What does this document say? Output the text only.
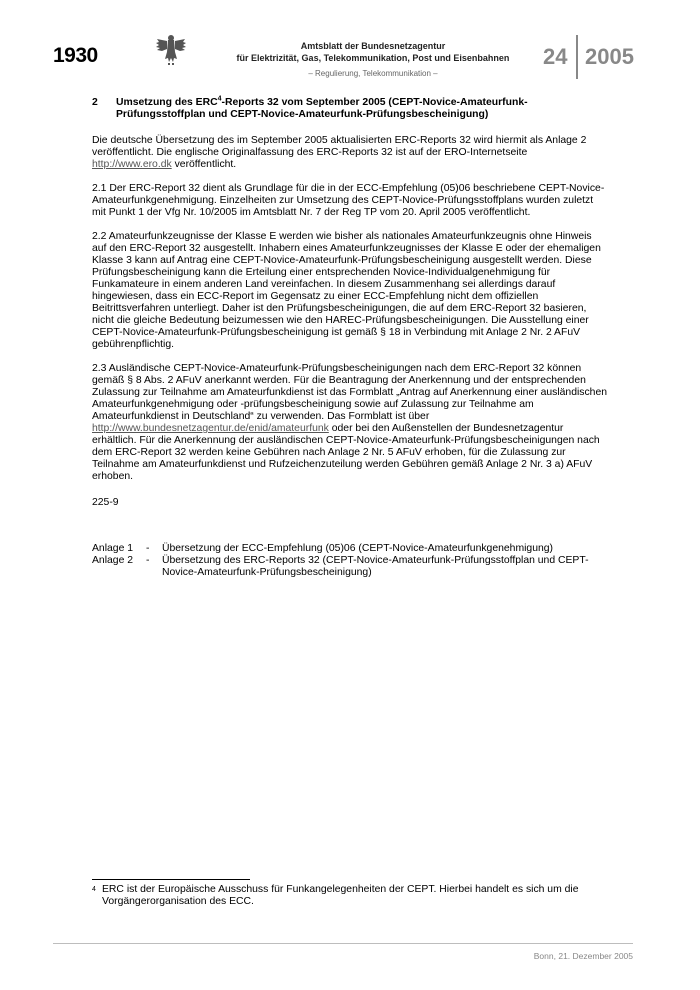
1930	Amtsblatt der Bundesnetzagentur
für Elektrizität, Gas, Telekommunikation, Post und Eisenbahnen
– Regulierung, Telekommunikation –
24 2005
2	Umsetzung des ERC$^4$-Reports 32 vom September 2005 (CEPT-Novice-Amateurfunk-Prüfungsstoffplan und CEPT-Novice-Amateurfunk-Prüfungsbescheinigung)

Die deutsche Übersetzung des im September 2005 aktualisierten ERC-Reports 32 wird hiermit als Anlage 2 veröffentlicht. Die englische Originalfassung des ERC-Reports 32 ist auf der ERO-Internetseite http://www.ero.dk veröffentlicht.

2.1 Der ERC-Report 32 dient als Grundlage für die in der ECC-Empfehlung (05)06 beschriebene CEPT-Novice-Amateurfunkgenehmigung. Einzelheiten zur Umsetzung des CEPT-Novice-Prüfungsstoffplans wurden zuletzt mit Punkt 1 der Vfg Nr. 10/2005 im Amtsblatt Nr. 7 der Reg TP vom 20. April 2005 veröffentlicht.

2.2 Amateurfunkzeugnisse der Klasse E werden wie bisher als nationales Amateurfunkzeugnis ohne Hinweis auf den ERC-Report 32 ausgestellt. Inhabern eines Amateurfunkzeugnisses der Klasse E oder der ehemaligen Klasse 3 kann auf Antrag eine CEPT-Novice-Amateurfunk-Prüfungsbescheinigung ausgestellt werden. Diese Prüfungsbescheinigung kann die Erteilung einer entsprechenden Novice-Individualgenehmigung für Funkamateure in einem anderen Land vereinfachen. In diesem Zusammenhang sei allerdings darauf hingewiesen, dass ein ECC-Report im Gegensatz zu einer ECC-Empfehlung nicht dem offiziellen Beitrittsverfahren unterliegt. Daher ist den Prüfungsbescheinigungen, die auf dem ERC-Report 32 basieren, nicht die gleiche Bedeutung beizumessen wie den HAREC-Prüfungsbescheinigungen. Die Ausstellung einer CEPT-Novice-Amateurfunk-Prüfungsbescheinigung ist gemäß § 18 in Verbindung mit Anlage 2 Nr. 2 AFuV gebührenpflichtig.

2.3 Ausländische CEPT-Novice-Amateurfunk-Prüfungsbescheinigungen nach dem ERC-Report 32 können gemäß § 8 Abs. 2 AFuV anerkannt werden. Für die Beantragung der Anerkennung und der entsprechenden Zulassung zur Teilnahme am Amateurfunkdienst ist das Formblatt „Antrag auf Anerkennung einer ausländischen Amateurfunkgenehmigung oder -prüfungsbescheinigung sowie auf Zulassung zur Teilnahme am Amateurfunkdienst in Deutschland“ zu verwenden. Das Formblatt ist über http://www.bundesnetzagentur.de/enid/amateurfunk oder bei den Außenstellen der Bundesnetzagentur erhältlich. Für die Anerkennung der ausländischen CEPT-Novice-Amateurfunk-Prüfungsbescheinigungen nach dem ERC-Report 32 werden keine Gebühren nach Anlage 2 Nr. 5 AFuV erhoben, für die Zulassung zur Teilnahme am Amateurfunkdienst und Rufzeichenzuteilung werden Gebühren gemäß Anlage 2 Nr. 3 a) AFuV erhoben.

225-9
Anlage 1	-	Übersetzung der ECC-Empfehlung (05)06 (CEPT-Novice-Amateurfunkgenehmigung)
Anlage 2	-	Übersetzung des ERC-Reports 32 (CEPT-Novice-Amateurfunk-Prüfungsstoffplan und CEPT-Novice-Amateurfunk-Prüfungsbescheinigung)
4 ERC ist der Europäische Ausschuss für Funkangelegenheiten der CEPT. Hierbei handelt es sich um die Vorgängerorganisation des ECC.
Bonn, 21. Dezember 2005
